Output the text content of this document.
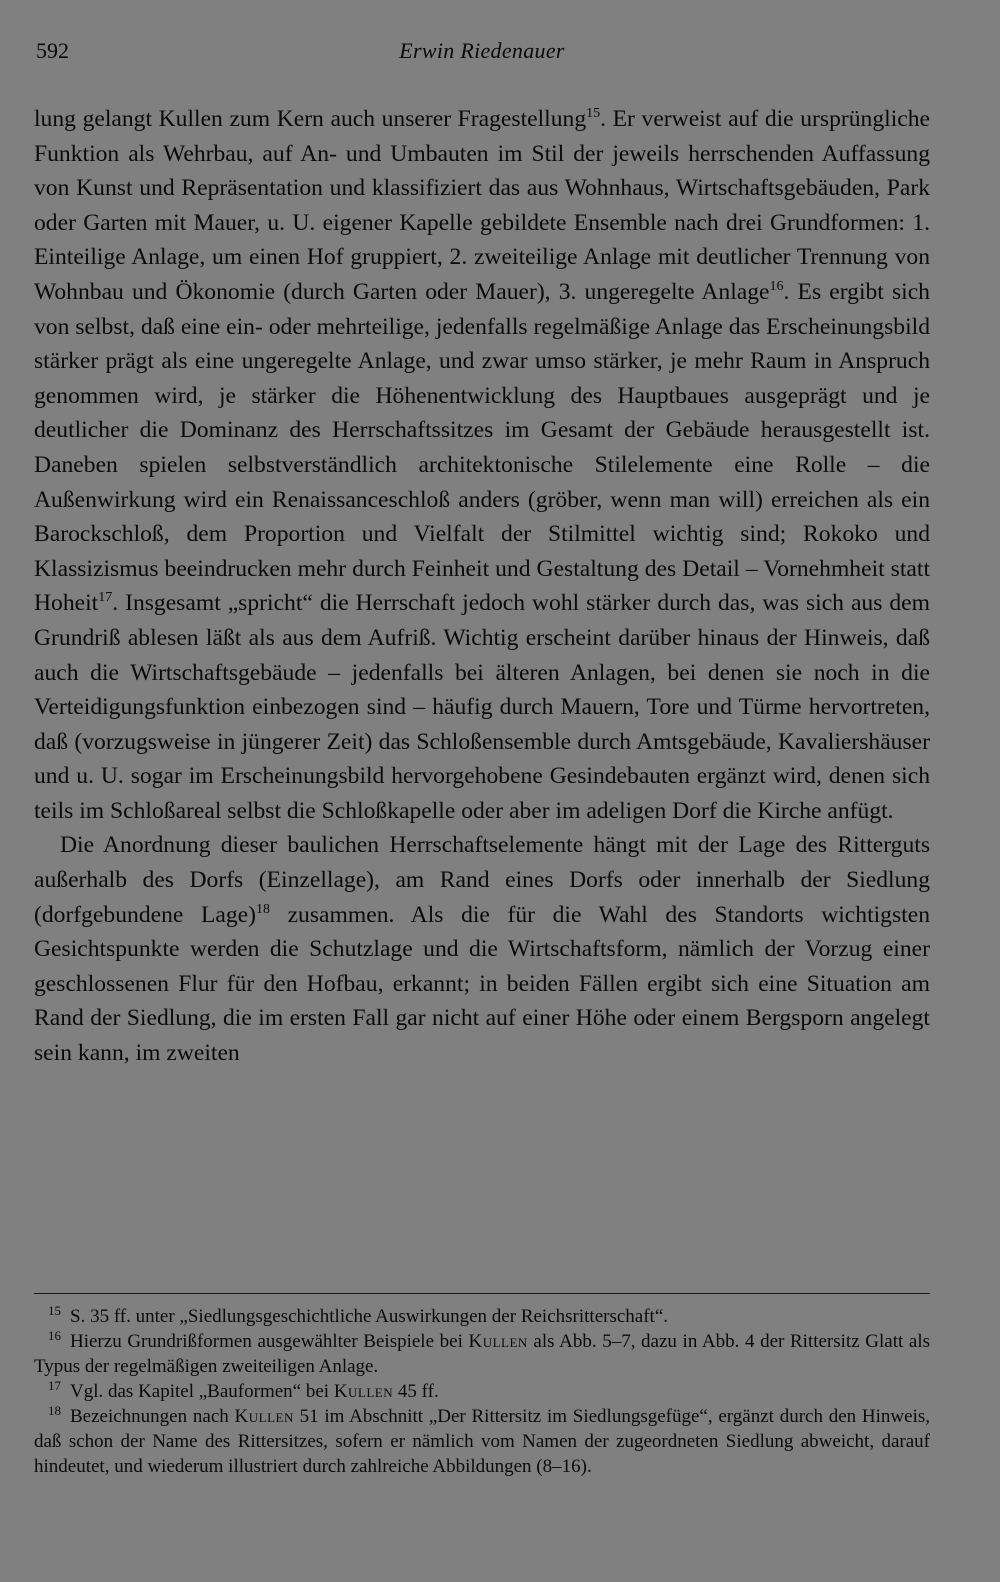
592	Erwin Riedenauer

lung gelangt Kullen zum Kern auch unserer Fragestellung$^{15}$. Er verweist auf die ursprüngliche Funktion als Wehrbau, auf An- und Umbauten im Stil der jeweils herrschenden Auffassung von Kunst und Repräsentation und klassifiziert das aus Wohnhaus, Wirtschaftsgebäuden, Park oder Garten mit Mauer, u. U. eigener Kapelle gebildete Ensemble nach drei Grundformen: 1. Einteilige Anlage, um einen Hof gruppiert, 2. zweiteilige Anlage mit deutlicher Trennung von Wohnbau und Ökonomie (durch Garten oder Mauer), 3. ungeregelte Anlage$^{16}$. Es ergibt sich von selbst, daß eine ein- oder mehrteilige, jedenfalls regelmäßige Anlage das Erscheinungsbild stärker prägt als eine ungeregelte Anlage, und zwar umso stärker, je mehr Raum in Anspruch genommen wird, je stärker die Höhenentwicklung des Hauptbaues ausgeprägt und je deutlicher die Dominanz des Herrschaftssitzes im Gesamt der Gebäude herausgestellt ist. Daneben spielen selbstverständlich architektonische Stilelemente eine Rolle – die Außenwirkung wird ein Renaissanceschloß anders (gröber, wenn man will) erreichen als ein Barockschloß, dem Proportion und Vielfalt der Stilmittel wichtig sind; Rokoko und Klassizismus beeindrucken mehr durch Feinheit und Gestaltung des Detail – Vornehmheit statt Hoheit$^{17}$. Insgesamt „spricht“ die Herrschaft jedoch wohl stärker durch das, was sich aus dem Grundriß ablesen läßt als aus dem Aufriß. Wichtig erscheint darüber hinaus der Hinweis, daß auch die Wirtschaftsgebäude – jedenfalls bei älteren Anlagen, bei denen sie noch in die Verteidigungsfunktion einbezogen sind – häufig durch Mauern, Tore und Türme hervortreten, daß (vorzugsweise in jüngerer Zeit) das Schloßensemble durch Amtsgebäude, Kavaliershäuser und u. U. sogar im Erscheinungsbild hervorgehobene Gesindebauten ergänzt wird, denen sich teils im Schloßareal selbst die Schloßkapelle oder aber im adeligen Dorf die Kirche anfügt.

Die Anordnung dieser baulichen Herrschaftselemente hängt mit der Lage des Ritterguts außerhalb des Dorfs (Einzellage), am Rand eines Dorfs oder innerhalb der Siedlung (dorfgebundene Lage)$^{18}$ zusammen. Als die für die Wahl des Standorts wichtigsten Gesichtspunkte werden die Schutzlage und die Wirtschaftsform, nämlich der Vorzug einer geschlossenen Flur für den Hofbau, erkannt; in beiden Fällen ergibt sich eine Situation am Rand der Siedlung, die im ersten Fall gar nicht auf einer Höhe oder einem Bergsporn angelegt sein kann, im zweiten

$^{15}$ S. 35 ff. unter „Siedlungsgeschichtliche Auswirkungen der Reichsritterschaft“.

$^{16}$ Hierzu Grundrißformen ausgewählter Beispiele bei Kullen als Abb. 5–7, dazu in Abb. 4 der Rittersitz Glatt als Typus der regelmäßigen zweiteiligen Anlage.

$^{17}$ Vgl. das Kapitel „Bauformen“ bei Kullen 45 ff.

$^{18}$ Bezeichnungen nach Kullen 51 im Abschnitt „Der Rittersitz im Siedlungsgefüge“, ergänzt durch den Hinweis, daß schon der Name des Rittersitzes, sofern er nämlich vom Namen der zugeordneten Siedlung abweicht, darauf hindeutet, und wiederum illustriert durch zahlreiche Abbildungen (8–16).
